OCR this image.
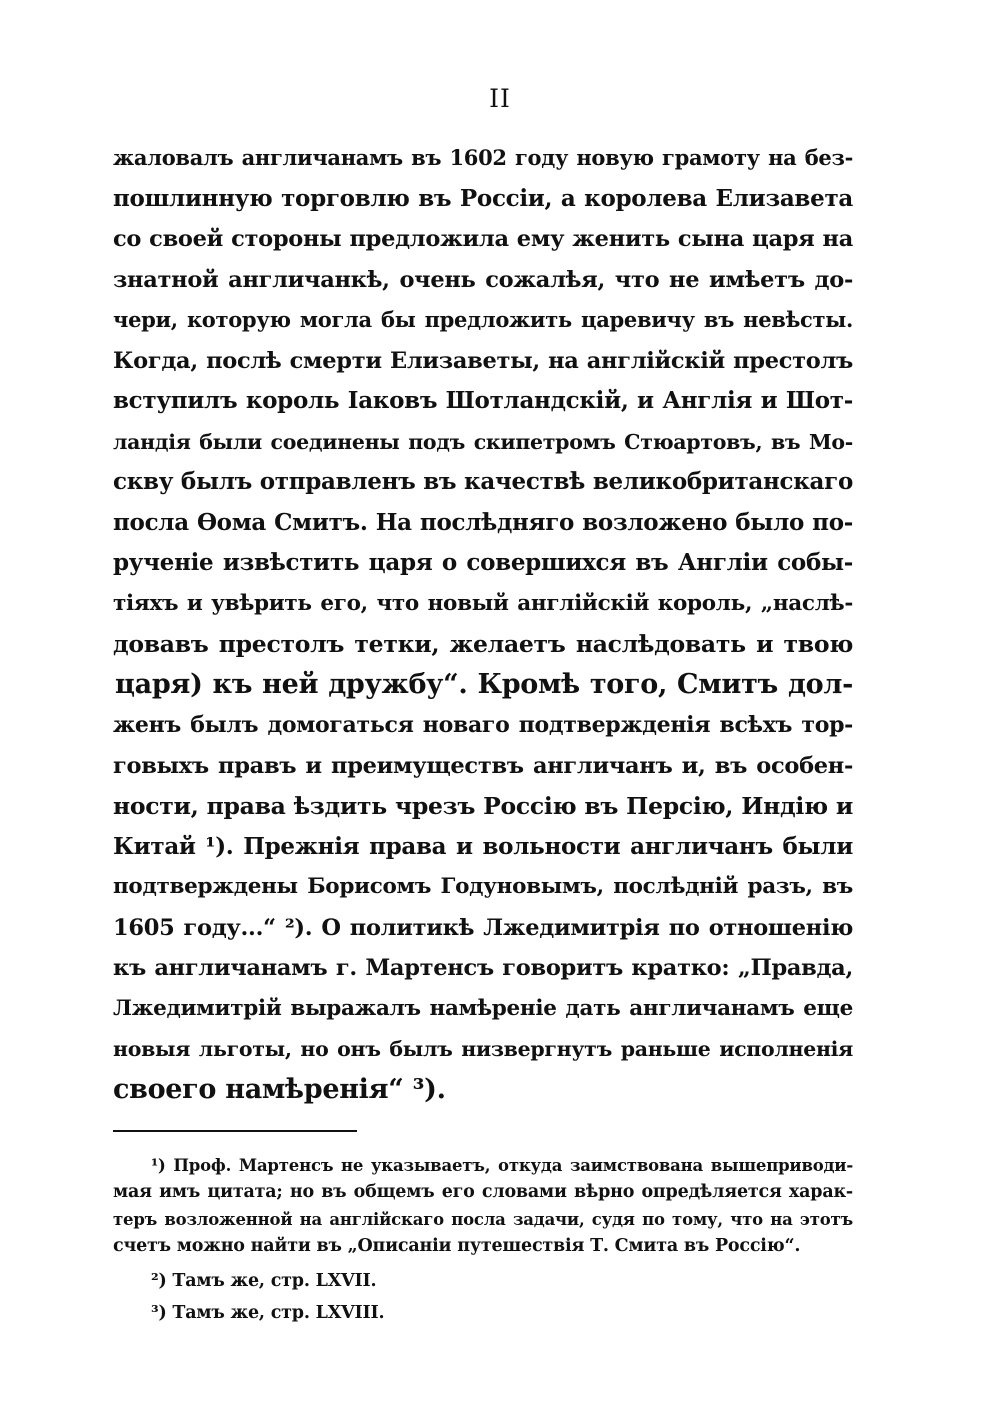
II
жаловалъ англичанамъ въ 1602 году новую грамоту на без-
пошлинную торговлю въ Россіи, а королева Елизавета
со своей стороны предложила ему женить сына царя на
знатной англичанкѣ, очень сожалѣя, что не имѣетъ до-
чери, которую могла бы предложить царевичу въ невѣсты.
Когда, послѣ смерти Елизаветы, на англійскій престолъ
вступилъ король Іаковъ Шотландскій, и Англія и Шот-
ландія были соединены подъ скипетромъ Стюартовъ, въ Мо-
скву былъ отправленъ въ качествѣ великобританскаго
посла Ѳома Смитъ. На послѣдняго возложено было по-
рученіе извѣстить царя о совершихся въ Англіи собы-
тіяхъ и увѣрить его, что новый англійскій король, „наслѣ-
довавъ престолъ тетки, желаетъ наслѣдовать и твою
царя) къ ней дружбу“. Кромѣ того, Смитъ дол-
женъ былъ домогаться новаго подтвержденія всѣхъ тор-
говыхъ правъ и преимуществъ англичанъ и, въ особен-
ности, права ѣздить чрезъ Россію въ Персію, Индію и
Китай ¹). Прежнія права и вольности англичанъ были
подтверждены Борисомъ Годуновымъ, послѣдній разъ, въ
1605 году...“ ²). О политикѣ Лжедимитрія по отношенію
къ англичанамъ г. Мартенсъ говоритъ кратко: „Правда,
Лжедимитрій выражалъ намѣреніе дать англичанамъ еще
новыя льготы, но онъ былъ низвергнутъ раньше исполненія
своего намѣренія“ ³).
¹) Проф. Мартенсъ не указываетъ, откуда заимствована вышеприводи-
мая имъ цитата; но въ общемъ его словами вѣрно опредѣляется харак-
теръ возложенной на англійскаго посла задачи, судя по тому, что на этотъ
счетъ можно найти въ „Описаніи путешествія Т. Смита въ Россію“.
²) Тамъ же, стр. LXVII.
³) Тамъ же, стр. LXVIII.
